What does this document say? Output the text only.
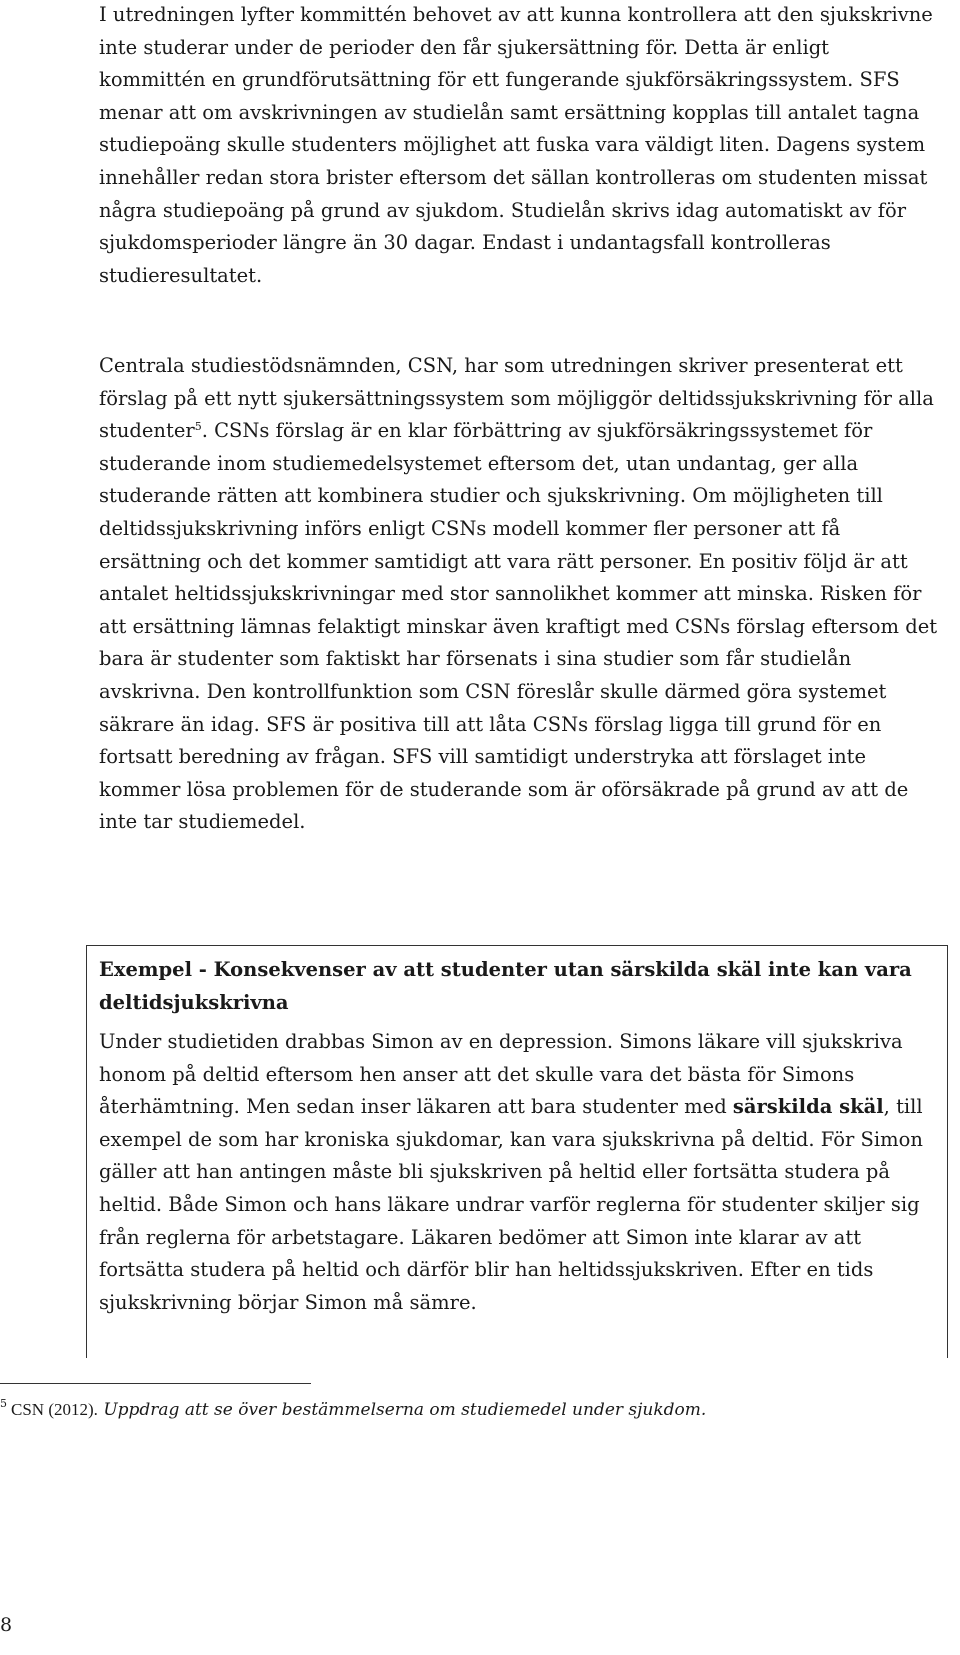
I utredningen lyfter kommittén behovet av att kunna kontrollera att den sjukskrivne inte studerar under de perioder den får sjukersättning för. Detta är enligt kommittén en grundförutsättning för ett fungerande sjukförsäkringssystem. SFS menar att om avskrivningen av studielån samt ersättning kopplas till antalet tagna studiepoäng skulle studenters möjlighet att fuska vara väldigt liten. Dagens system innehåller redan stora brister eftersom det sällan kontrolleras om studenten missat några studiepoäng på grund av sjukdom. Studielån skrivs idag automatiskt av för sjukdomsperioder längre än 30 dagar. Endast i undantagsfall kontrolleras studieresultatet.

Centrala studiestödsnämnden, CSN, har som utredningen skriver presenterat ett förslag på ett nytt sjukersättningssystem som möjliggör deltidssjukskrivning för alla studenter$^5$. CSNs förslag är en klar förbättring av sjukförsäkringssystemet för studerande inom studiemedelsystemet eftersom det, utan undantag, ger alla studerande rätten att kombinera studier och sjukskrivning. Om möjligheten till deltidssjukskrivning införs enligt CSNs modell kommer fler personer att få ersättning och det kommer samtidigt att vara rätt personer. En positiv följd är att antalet heltidssjukskrivningar med stor sannolikhet kommer att minska. Risken för att ersättning lämnas felaktigt minskar även kraftigt med CSNs förslag eftersom det bara är studenter som faktiskt har försenats i sina studier som får studielån avskrivna. Den kontrollfunktion som CSN föreslår skulle därmed göra systemet säkrare än idag. SFS är positiva till att låta CSNs förslag ligga till grund för en fortsatt beredning av frågan. SFS vill samtidigt understryka att förslaget inte kommer lösa problemen för de studerande som är oförsäkrade på grund av att de inte tar studiemedel.

Exempel - Konsekvenser av att studenter utan särskilda skäl inte kan vara deltidsjukskrivna

Under studietiden drabbas Simon av en depression. Simons läkare vill sjukskriva honom på deltid eftersom hen anser att det skulle vara det bästa för Simons återhämtning. Men sedan inser läkaren att bara studenter med särskilda skäl, till exempel de som har kroniska sjukdomar, kan vara sjukskrivna på deltid. För Simon gäller att han antingen måste bli sjukskriven på heltid eller fortsätta studera på heltid. Både Simon och hans läkare undrar varför reglerna för studenter skiljer sig från reglerna för arbetstagare. Läkaren bedömer att Simon inte klarar av att fortsätta studera på heltid och därför blir han heltidssjukskriven. Efter en tids sjukskrivning börjar Simon må sämre.

$^5$ CSN (2012). Uppdrag att se över bestämmelserna om studiemedel under sjukdom.

8
